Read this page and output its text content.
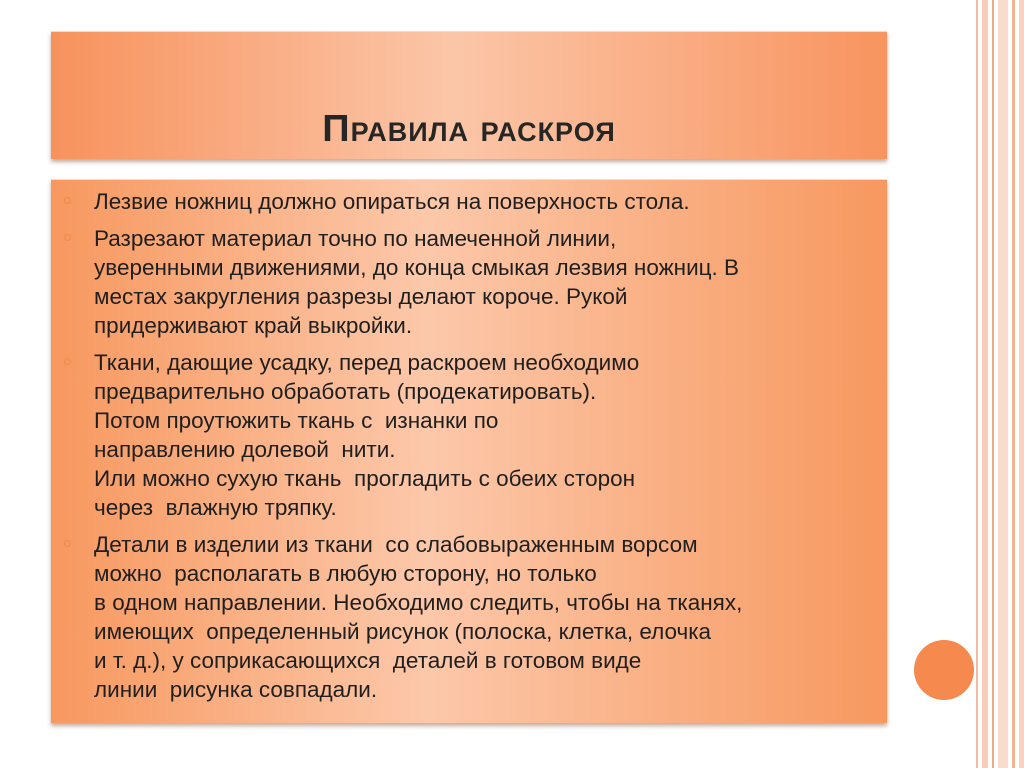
Правила раскроя
Лезвие ножниц должно опираться на поверхность стола.
Разрезают материал точно по намеченной линии,
уверенными движениями, до конца смыкая лезвия ножниц. В
местах закругления разрезы делают короче. Рукой
придерживают край выкройки.
Ткани, дающие усадку, перед раскроем необходимо
предварительно обработать (продекатировать).
Потом проутюжить ткань с  изнанки по
направлению долевой  нити.
Или можно сухую ткань  прогладить с обеих сторон
через  влажную тряпку.
Детали в изделии из ткани  со слабовыраженным ворсом
можно  располагать в любую сторону, но только
в одном направлении. Необходимо следить, чтобы на тканях,
имеющих  определенный рисунок (полоска, клетка, елочка
и т. д.), у соприкасающихся  деталей в готовом виде
линии  рисунка совпадали.
